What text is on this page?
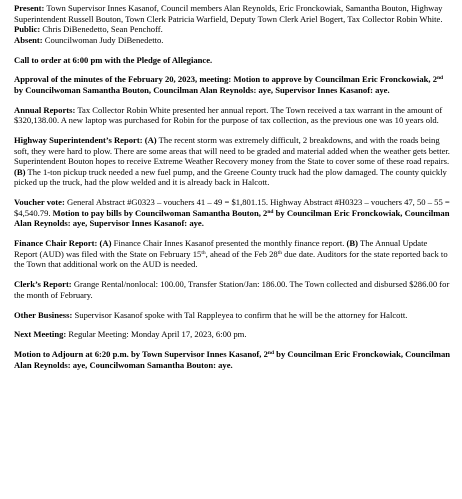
Present: Town Supervisor Innes Kasanof, Council members Alan Reynolds, Eric Fronckowiak, Samantha Bouton, Highway Superintendent Russell Bouton, Town Clerk Patricia Warfield, Deputy Town Clerk Ariel Bogert, Tax Collector Robin White. Public: Chris DiBenedetto, Sean Penchoff.
Absent: Councilwoman Judy DiBenedetto.

Call to order at 6:00 pm with the Pledge of Allegiance.

Approval of the minutes of the February 20, 2023, meeting: Motion to approve by Councilman Eric Fronckowiak, 2nd by Councilwoman Samantha Bouton, Councilman Alan Reynolds: aye, Supervisor Innes Kasanof: aye.

Annual Reports: Tax Collector Robin White presented her annual report. The Town received a tax warrant in the amount of $320,138.00. A new laptop was purchased for Robin for the purpose of tax collection, as the previous one was 10 years old.

Highway Superintendent’s Report: (A) The recent storm was extremely difficult, 2 breakdowns, and with the roads being soft, they were hard to plow. There are some areas that will need to be graded and material added when the weather gets better. Superintendent Bouton hopes to receive Extreme Weather Recovery money from the State to cover some of these road repairs. (B) The 1-ton pickup truck needed a new fuel pump, and the Greene County truck had the plow damaged. The county quickly picked up the truck, had the plow welded and it is already back in Halcott.

Voucher vote: General Abstract #G0323 – vouchers 41 – 49 = $1,801.15. Highway Abstract #H0323 – vouchers 47, 50 – 55 = $4,540.79. Motion to pay bills by Councilwoman Samantha Bouton, 2nd by Councilman Eric Fronckowiak, Councilman Alan Reynolds: aye, Supervisor Innes Kasanof: aye.

Finance Chair Report: (A) Finance Chair Innes Kasanof presented the monthly finance report. (B) The Annual Update Report (AUD) was filed with the State on February 15th, ahead of the Feb 28th due date. Auditors for the state reported back to the Town that additional work on the AUD is needed.

Clerk’s Report: Grange Rental/nonlocal: 100.00, Transfer Station/Jan: 186.00. The Town collected and disbursed $286.00 for the month of February.

Other Business: Supervisor Kasanof spoke with Tal Rappleyea to confirm that he will be the attorney for Halcott.

Next Meeting: Regular Meeting: Monday April 17, 2023, 6:00 pm.

Motion to Adjourn at 6:20 p.m. by Town Supervisor Innes Kasanof, 2nd by Councilman Eric Fronckowiak, Councilman Alan Reynolds: aye, Councilwoman Samantha Bouton: aye.
